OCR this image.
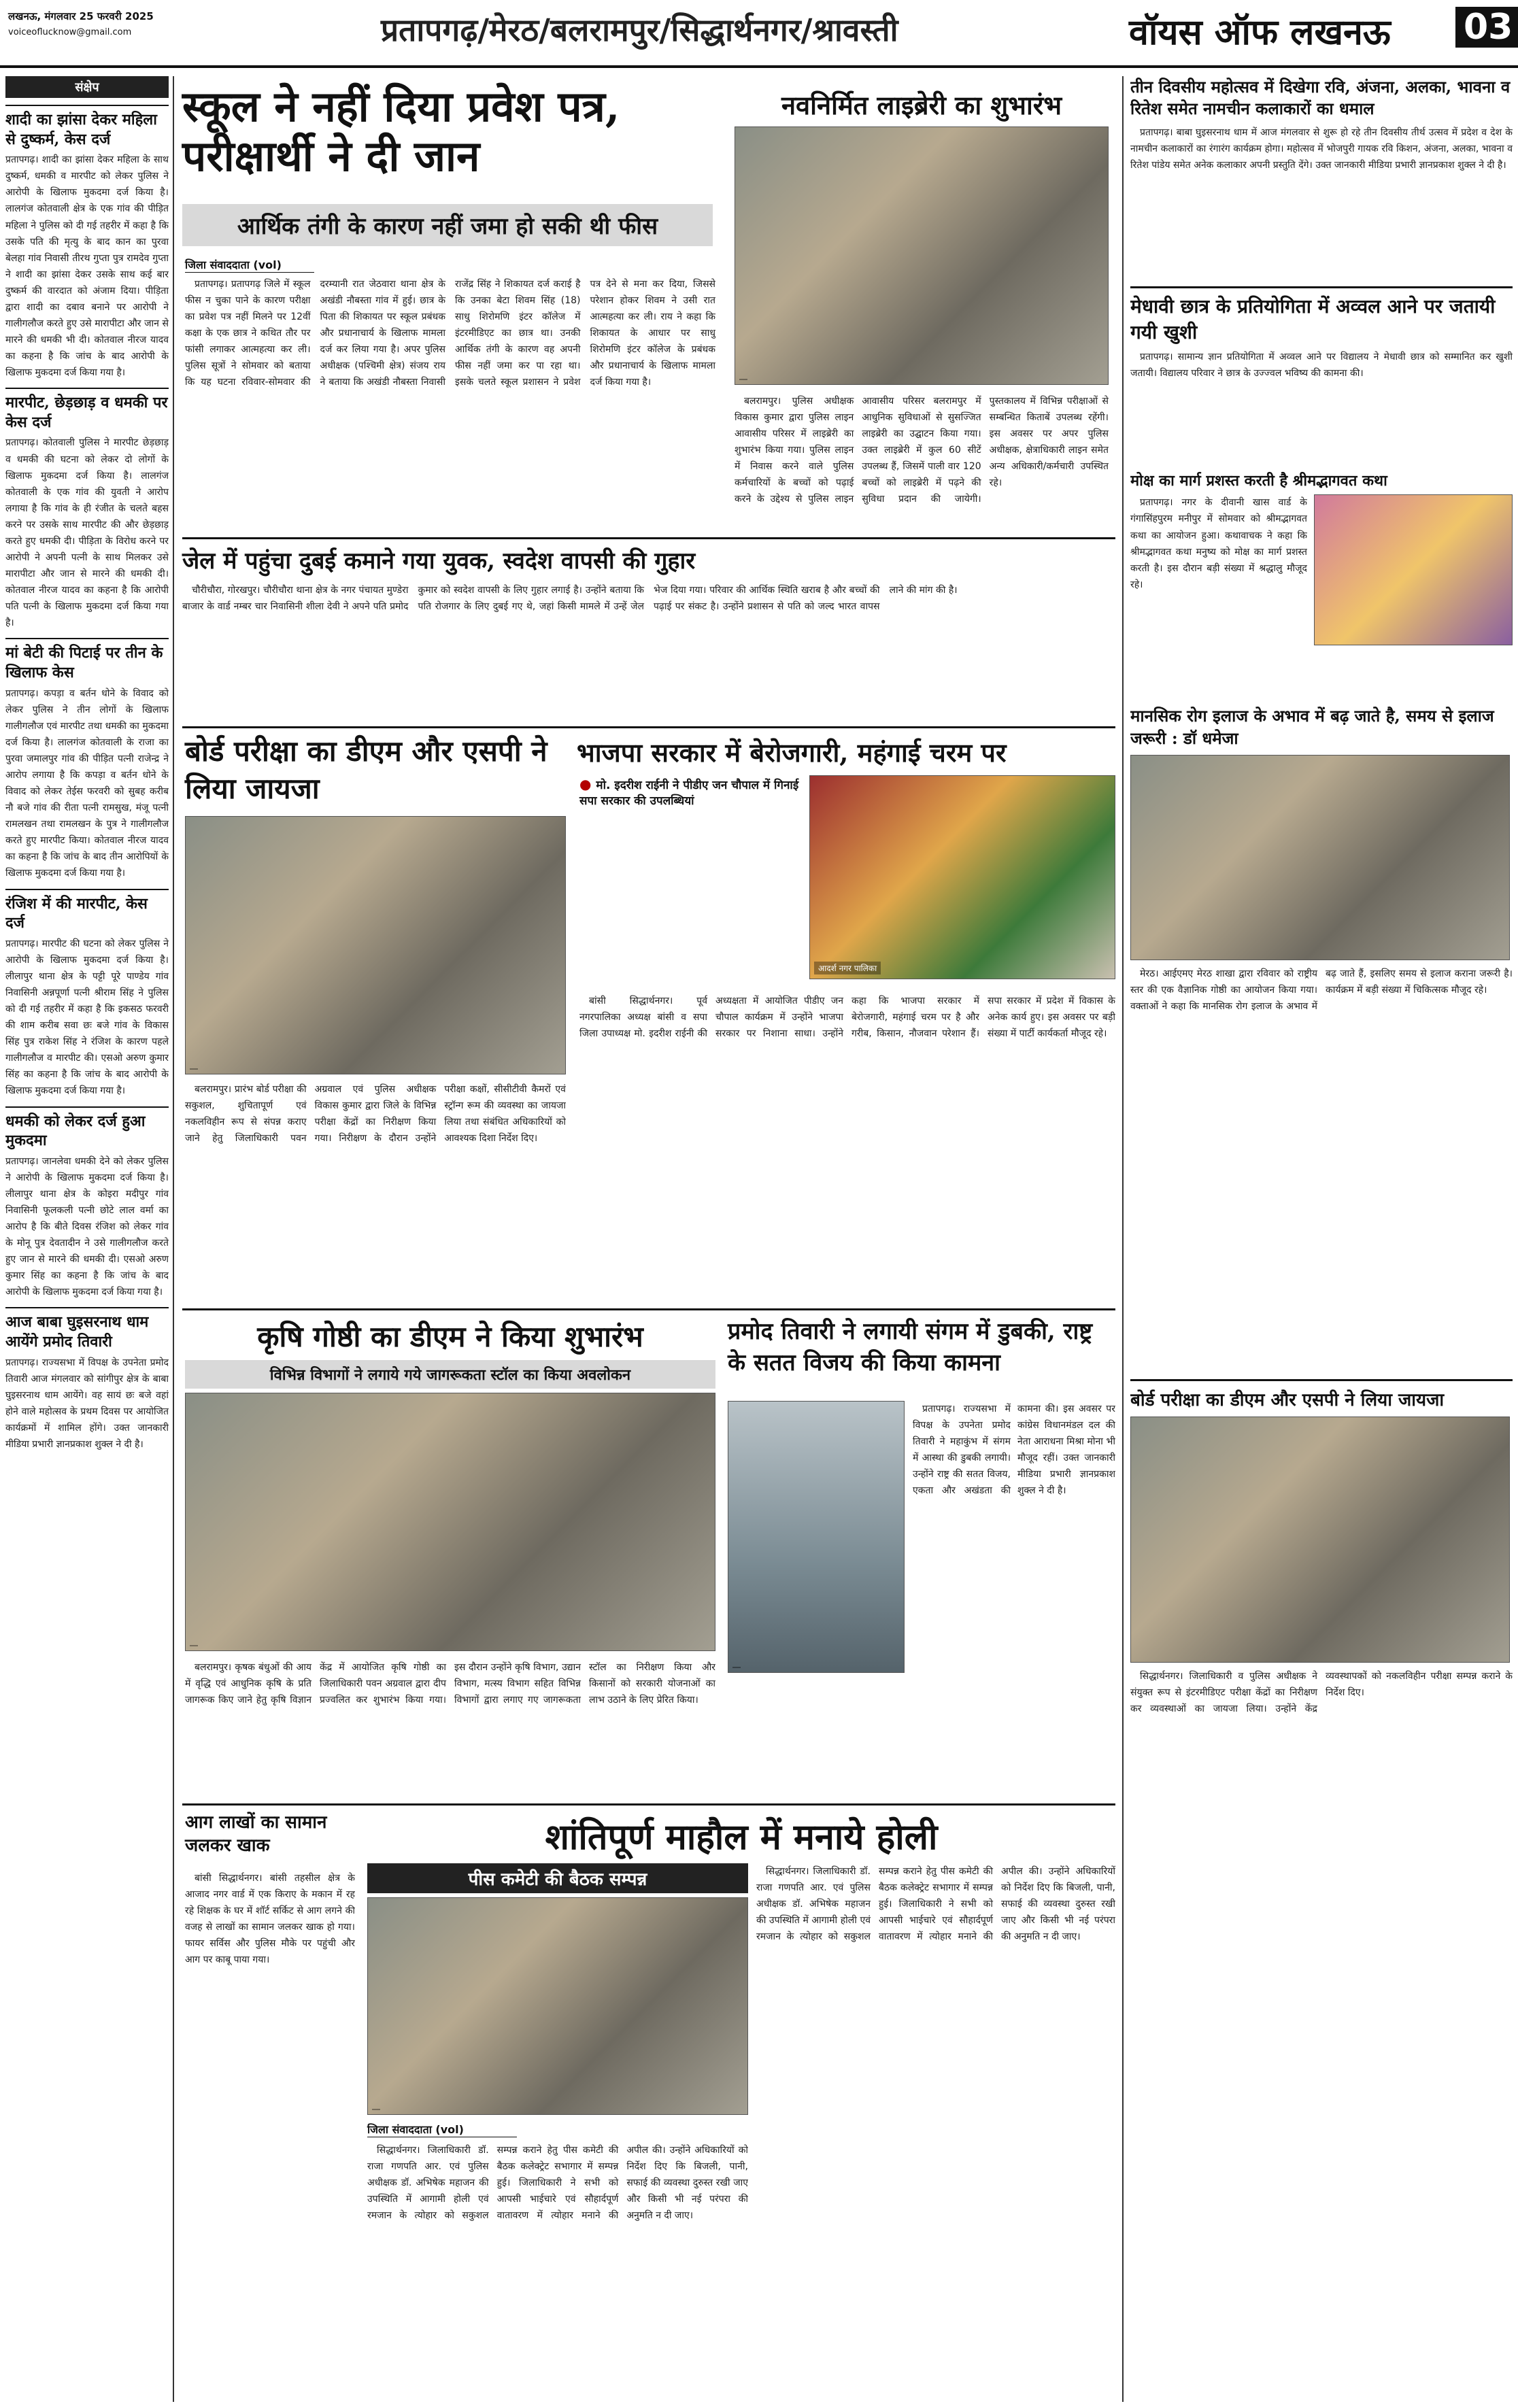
लखनऊ, मंगलवार 25 फरवरी 2025
voiceoflucknow@gmail.com	प्रतापगढ़/मेरठ/बलरामपुर/सिद्धार्थनगर/श्रावस्ती	वॉयस ऑफ लखनऊ 03
संक्षेप
शादी का झांसा देकर महिला से दुष्कर्म, केस दर्ज
प्रतापगढ़। शादी का झांसा देकर महिला के साथ दुष्कर्म, धमकी व मारपीट को लेकर पुलिस ने आरोपी के खिलाफ मुकदमा दर्ज किया है। लालगंज कोतवाली क्षेत्र के एक गांव की पीड़ित महिला ने पुलिस को दी गई तहरीर में कहा है कि उसके पति की मृत्यु के बाद कान का पुरवा बेलहा गांव निवासी तीरथ गुप्ता पुत्र रामदेव गुप्ता ने शादी का झांसा देकर उसके साथ कई बार दुष्कर्म की वारदात को अंजाम दिया। पीड़िता द्वारा शादी का दबाव बनाने पर आरोपी ने गालीगलौज करते हुए उसे मारापीटा और जान से मारने की धमकी भी दी। कोतवाल नीरज यादव का कहना है कि जांच के बाद आरोपी के खिलाफ मुकदमा दर्ज किया गया है।
मारपीट, छेड़छाड़ व धमकी पर केस दर्ज
प्रतापगढ़। कोतवाली पुलिस ने मारपीट छेड़छाड़ व धमकी की घटना को लेकर दो लोगों के खिलाफ मुकदमा दर्ज किया है। लालगंज कोतवाली के एक गांव की युवती ने आरोप लगाया है कि गांव के ही रंजीत के चलते बहस करने पर उसके साथ मारपीट की और छेड़छाड़ करते हुए धमकी दी। पीड़िता के विरोध करने पर आरोपी ने अपनी पत्नी के साथ मिलकर उसे मारापीटा और जान से मारने की धमकी दी। कोतवाल नीरज यादव का कहना है कि आरोपी पति पत्नी के खिलाफ मुकदमा दर्ज किया गया है।
मां बेटी की पिटाई पर तीन के खिलाफ केस
प्रतापगढ़। कपड़ा व बर्तन धोने के विवाद को लेकर पुलिस ने तीन लोगों के खिलाफ गालीगलौज एवं मारपीट तथा धमकी का मुकदमा दर्ज किया है। लालगंज कोतवाली के राजा का पुरवा जमालपुर गांव की पीड़ित पत्नी राजेन्द्र ने आरोप लगाया है कि कपड़ा व बर्तन धोने के विवाद को लेकर तेईस फरवरी को सुबह करीब नौ बजे गांव की रीता पत्नी रामसुख, मंजू पत्नी रामलखन तथा रामलखन के पुत्र ने गालीगलौज करते हुए मारपीट किया। कोतवाल नीरज यादव का कहना है कि जांच के बाद तीन आरोपियों के खिलाफ मुकदमा दर्ज किया गया है।
रंजिश में की मारपीट, केस दर्ज
प्रतापगढ़। मारपीट की घटना को लेकर पुलिस ने आरोपी के खिलाफ मुकदमा दर्ज किया है। लीलापुर थाना क्षेत्र के पट्टी पूरे पाण्डेय गांव निवासिनी अन्नपूर्णा पत्नी श्रीराम सिंह ने पुलिस को दी गई तहरीर में कहा है कि इकसठ फरवरी की शाम करीब सवा छः बजे गांव के विकास सिंह पुत्र राकेश सिंह ने रंजिश के कारण पहले गालीगलौज व मारपीट की। एसओ अरुण कुमार सिंह का कहना है कि जांच के बाद आरोपी के खिलाफ मुकदमा दर्ज किया गया है।
धमकी को लेकर दर्ज हुआ मुकदमा
प्रतापगढ़। जानलेवा धमकी देने को लेकर पुलिस ने आरोपी के खिलाफ मुकदमा दर्ज किया है। लीलापुर थाना क्षेत्र के कोइरा मदीपुर गांव निवासिनी फूलकली पत्नी छोटे लाल वर्मा का आरोप है कि बीते दिवस रंजिश को लेकर गांव के मोनू पुत्र देवतादीन ने उसे गालीगलौज करते हुए जान से मारने की धमकी दी। एसओ अरुण कुमार सिंह का कहना है कि जांच के बाद आरोपी के खिलाफ मुकदमा दर्ज किया गया है।
आज बाबा घुइसरनाथ धाम आयेंगे प्रमोद तिवारी
प्रतापगढ़। राज्यसभा में विपक्ष के उपनेता प्रमोद तिवारी आज मंगलवार को सांगीपुर क्षेत्र के बाबा घुइसरनाथ धाम आयेंगे। वह सायं छः बजे वहां होने वाले महोत्सव के प्रथम दिवस पर आयोजित कार्यक्रमों में शामिल होंगे। उक्त जानकारी मीडिया प्रभारी ज्ञानप्रकाश शुक्ल ने दी है।
स्कूल ने नहीं दिया प्रवेश पत्र, परीक्षार्थी ने दी जान
आर्थिक तंगी के कारण नहीं जमा हो सकी थी फीस
जिला संवाददाता (vol)

प्रतापगढ़। प्रतापगढ़ जिले में स्कूल फीस न चुका पाने के कारण परीक्षा का प्रवेश पत्र नहीं मिलने पर 12वीं कक्षा के एक छात्र ने कथित तौर पर फांसी लगाकर आत्महत्या कर ली। पुलिस सूत्रों ने सोमवार को बताया कि यह घटना रविवार-सोमवार की दरम्यानी रात जेठवारा थाना क्षेत्र के अखंडी नौबस्ता गांव में हुई। छात्र के पिता की शिकायत पर स्कूल प्रबंधक और प्रधानाचार्य के खिलाफ मामला दर्ज कर लिया गया है। अपर पुलिस अधीक्षक (पश्चिमी क्षेत्र) संजय राय ने बताया कि अखंडी नौबस्ता निवासी राजेंद्र सिंह ने शिकायत दर्ज कराई है कि उनका बेटा शिवम सिंह (18) साधु शिरोमणि इंटर कॉलेज में इंटरमीडिएट का छात्र था। उनकी आर्थिक तंगी के कारण वह अपनी फीस नहीं जमा कर पा रहा था। इसके चलते स्कूल प्रशासन ने प्रवेश पत्र देने से मना कर दिया, जिससे परेशान होकर शिवम ने उसी रात आत्महत्या कर ली। राय ने कहा कि शिकायत के आधार पर साधु शिरोमणि इंटर कॉलेज के प्रबंधक और प्रधानाचार्य के खिलाफ मामला दर्ज किया गया है।

नवनिर्मित लाइब्रेरी का शुभारंभ

बलरामपुर। पुलिस अधीक्षक विकास कुमार द्वारा पुलिस लाइन आवासीय परिसर में लाइब्रेरी का शुभारंभ किया गया। पुलिस लाइन में निवास करने वाले पुलिस कर्मचारियों के बच्चों को पढ़ाई करने के उद्देश्य से पुलिस लाइन आवासीय परिसर बलरामपुर में आधुनिक सुविधाओं से सुसज्जित लाइब्रेरी का उद्घाटन किया गया। उक्त लाइब्रेरी में कुल 60 सीटें उपलब्ध हैं, जिसमें पाली वार 120 बच्चों को लाइब्रेरी में पढ़ने की सुविधा प्रदान की जायेगी। पुस्तकालय में विभिन्न परीक्षाओं से सम्बन्धित किताबें उपलब्ध रहेंगी। इस अवसर पर अपर पुलिस अधीक्षक, क्षेत्राधिकारी लाइन समेत अन्य अधिकारी/कर्मचारी उपस्थित रहे।

जेल में पहुंचा दुबई कमाने गया युवक, स्वदेश वापसी की गुहार

चौरीचौरा, गोरखपुर। चौरीचौरा थाना क्षेत्र के नगर पंचायत मुण्डेरा बाजार के वार्ड नम्बर चार निवासिनी शीला देवी ने अपने पति प्रमोद कुमार को स्वदेश वापसी के लिए गुहार लगाई है। उन्होंने बताया कि पति रोजगार के लिए दुबई गए थे, जहां किसी मामले में उन्हें जेल भेज दिया गया। परिवार की आर्थिक स्थिति खराब है और बच्चों की पढ़ाई पर संकट है। उन्होंने प्रशासन से पति को जल्द भारत वापस लाने की मांग की है।

बोर्ड परीक्षा का डीएम और एसपी ने लिया जायजा

बलरामपुर। प्रारंभ बोर्ड परीक्षा की सकुशल, शुचितापूर्ण एवं नकलविहीन रूप से संपन्न कराए जाने हेतु जिलाधिकारी पवन अग्रवाल एवं पुलिस अधीक्षक विकास कुमार द्वारा जिले के विभिन्न परीक्षा केंद्रों का निरीक्षण किया गया। निरीक्षण के दौरान उन्होंने परीक्षा कक्षों, सीसीटीवी कैमरों एवं स्ट्रॉन्ग रूम की व्यवस्था का जायजा लिया तथा संबंधित अधिकारियों को आवश्यक दिशा निर्देश दिए।

भाजपा सरकार में बेरोजगारी, महंगाई चरम पर
● मो. इदरीश राईनी ने पीडीए जन चौपाल में गिनाई सपा सरकार की उपलब्धियां
आदर्श नगर पालिका

बांसी सिद्धार्थनगर। पूर्व नगरपालिका अध्यक्ष बांसी व सपा जिला उपाध्यक्ष मो. इदरीश राईनी की अध्यक्षता में आयोजित पीडीए जन चौपाल कार्यक्रम में उन्होंने भाजपा सरकार पर निशाना साधा। उन्होंने कहा कि भाजपा सरकार में बेरोजगारी, महंगाई चरम पर है और गरीब, किसान, नौजवान परेशान हैं। सपा सरकार में प्रदेश में विकास के अनेक कार्य हुए। इस अवसर पर बड़ी संख्या में पार्टी कार्यकर्ता मौजूद रहे।

कृषि गोष्ठी का डीएम ने किया शुभारंभ
विभिन्न विभागों ने लगाये गये जागरूकता स्टॉल का किया अवलोकन

बलरामपुर। कृषक बंधुओं की आय में वृद्धि एवं आधुनिक कृषि के प्रति जागरूक किए जाने हेतु कृषि विज्ञान केंद्र में आयोजित कृषि गोष्ठी का जिलाधिकारी पवन अग्रवाल द्वारा दीप प्रज्वलित कर शुभारंभ किया गया। इस दौरान उन्होंने कृषि विभाग, उद्यान विभाग, मत्स्य विभाग सहित विभिन्न विभागों द्वारा लगाए गए जागरूकता स्टॉल का निरीक्षण किया और किसानों को सरकारी योजनाओं का लाभ उठाने के लिए प्रेरित किया।

प्रमोद तिवारी ने लगायी संगम में डुबकी, राष्ट्र के सतत विजय की किया कामना

प्रतापगढ़। राज्यसभा में विपक्ष के उपनेता प्रमोद तिवारी ने महाकुंभ में संगम में आस्था की डुबकी लगायी। उन्होंने राष्ट्र की सतत विजय, एकता और अखंडता की कामना की। इस अवसर पर कांग्रेस विधानमंडल दल की नेता आराधना मिश्रा मोना भी मौजूद रहीं। उक्त जानकारी मीडिया प्रभारी ज्ञानप्रकाश शुक्ल ने दी है।

आग लाखों का सामान जलकर खाक

बांसी सिद्धार्थनगर। बांसी तहसील क्षेत्र के आजाद नगर वार्ड में एक किराए के मकान में रह रहे शिक्षक के घर में शॉर्ट सर्किट से आग लगने की वजह से लाखों का सामान जलकर खाक हो गया। फायर सर्विस और पुलिस मौके पर पहुंची और आग पर काबू पाया गया।

शांतिपूर्ण माहौल में मनाये होली
पीस कमेटी की बैठक सम्पन्न
जिला संवाददाता (vol)

सिद्धार्थनगर। जिलाधिकारी डॉ. राजा गणपति आर. एवं पुलिस अधीक्षक डॉ. अभिषेक महाजन की उपस्थिति में आगामी होली एवं रमजान के त्योहार को सकुशल सम्पन्न कराने हेतु पीस कमेटी की बैठक कलेक्ट्रेट सभागार में सम्पन्न हुई। जिलाधिकारी ने सभी को आपसी भाईचारे एवं सौहार्दपूर्ण वातावरण में त्योहार मनाने की अपील की। उन्होंने अधिकारियों को निर्देश दिए कि बिजली, पानी, सफाई की व्यवस्था दुरुस्त रखी जाए और किसी भी नई परंपरा की अनुमति न दी जाए।

सिद्धार्थनगर। जिलाधिकारी डॉ. राजा गणपति आर. एवं पुलिस अधीक्षक डॉ. अभिषेक महाजन की उपस्थिति में आगामी होली एवं रमजान के त्योहार को सकुशल सम्पन्न कराने हेतु पीस कमेटी की बैठक कलेक्ट्रेट सभागार में सम्पन्न हुई। जिलाधिकारी ने सभी को आपसी भाईचारे एवं सौहार्दपूर्ण वातावरण में त्योहार मनाने की अपील की। उन्होंने अधिकारियों को निर्देश दिए कि बिजली, पानी, सफाई की व्यवस्था दुरुस्त रखी जाए और किसी भी नई परंपरा की अनुमति न दी जाए।

तीन दिवसीय महोत्सव में दिखेगा रवि, अंजना, अलका, भावना व रितेश समेत नामचीन कलाकारों का धमाल

प्रतापगढ़। बाबा घुइसरनाथ धाम में आज मंगलवार से शुरू हो रहे तीन दिवसीय तीर्थ उत्सव में प्रदेश व देश के नामचीन कलाकारों का रंगारंग कार्यक्रम होगा। महोत्सव में भोजपुरी गायक रवि किशन, अंजना, अलका, भावना व रितेश पांडेय समेत अनेक कलाकार अपनी प्रस्तुति देंगे। उक्त जानकारी मीडिया प्रभारी ज्ञानप्रकाश शुक्ल ने दी है।

मेधावी छात्र के प्रतियोगिता में अव्वल आने पर जतायी गयी खुशी

प्रतापगढ़। सामान्य ज्ञान प्रतियोगिता में अव्वल आने पर विद्यालय ने मेधावी छात्र को सम्मानित कर खुशी जतायी। विद्यालय परिवार ने छात्र के उज्ज्वल भविष्य की कामना की।

मोक्ष का मार्ग प्रशस्त करती है श्रीमद्भागवत कथा

प्रतापगढ़। नगर के दीवानी खास वार्ड के गंगासिंहपुरम मनीपुर में सोमवार को श्रीमद्भागवत कथा का आयोजन हुआ। कथावाचक ने कहा कि श्रीमद्भागवत कथा मनुष्य को मोक्ष का मार्ग प्रशस्त करती है। इस दौरान बड़ी संख्या में श्रद्धालु मौजूद रहे।

मानसिक रोग इलाज के अभाव में बढ़ जाते है, समय से इलाज जरूरी : डॉ धमेजा

मेरठ। आईएमए मेरठ शाखा द्वारा रविवार को राष्ट्रीय स्तर की एक वैज्ञानिक गोष्ठी का आयोजन किया गया। वक्ताओं ने कहा कि मानसिक रोग इलाज के अभाव में बढ़ जाते हैं, इसलिए समय से इलाज कराना जरूरी है। कार्यक्रम में बड़ी संख्या में चिकित्सक मौजूद रहे।

बोर्ड परीक्षा का डीएम और एसपी ने लिया जायजा

सिद्धार्थनगर। जिलाधिकारी व पुलिस अधीक्षक ने संयुक्त रूप से इंटरमीडिएट परीक्षा केंद्रों का निरीक्षण कर व्यवस्थाओं का जायजा लिया। उन्होंने केंद्र व्यवस्थापकों को नकलविहीन परीक्षा सम्पन्न कराने के निर्देश दिए।
